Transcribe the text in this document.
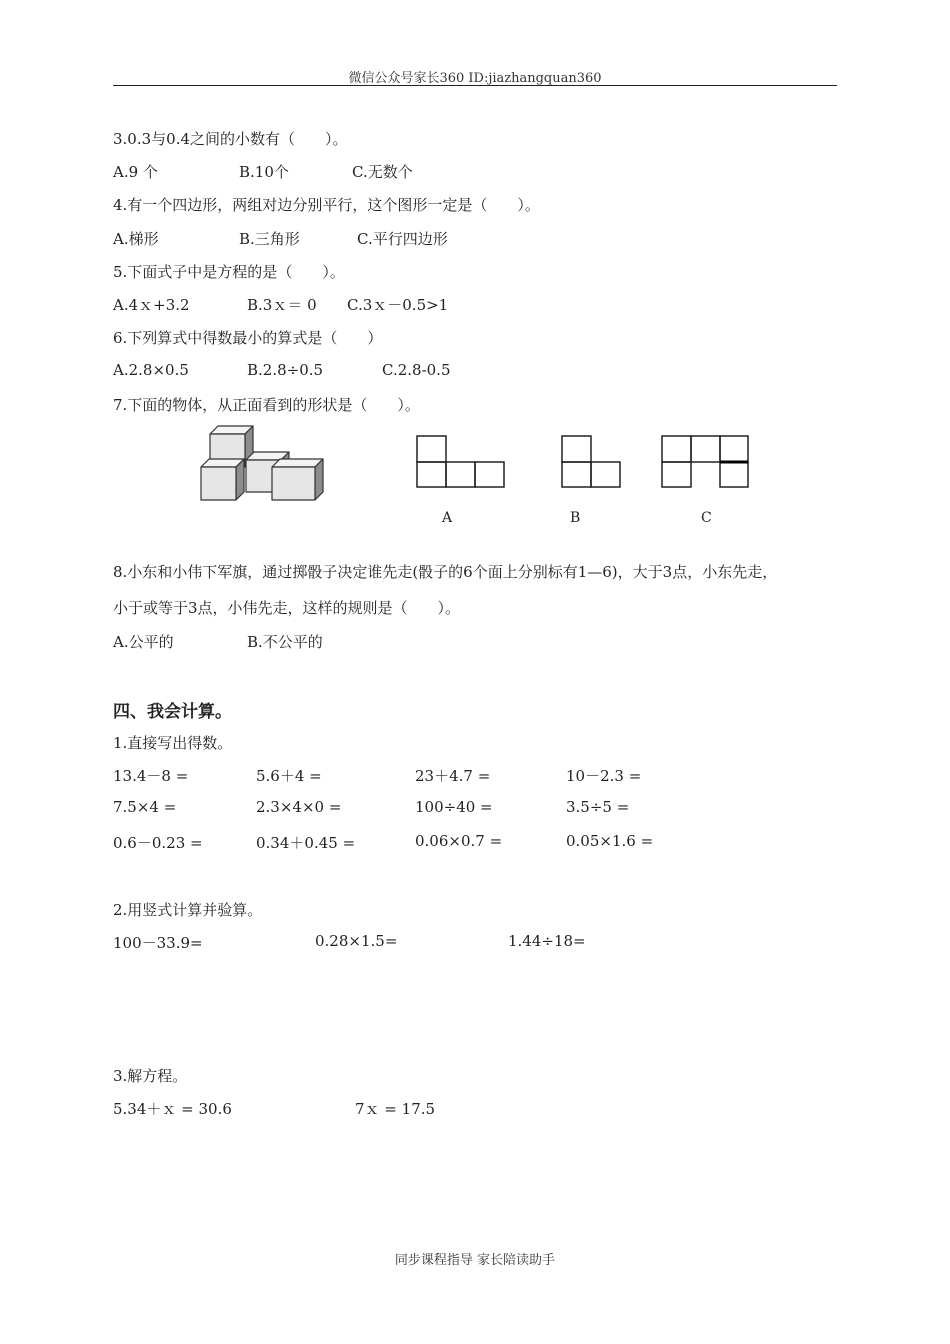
微信公众号家长360 ID:jiazhangquan360
3.0.3与0.4之间的小数有（　　）。
A.9 个	B.10个	C.无数个
4.有一个四边形，两组对边分别平行，这个图形一定是（　　）。
A.梯形	B.三角形	C.平行四边形
5.下面式子中是方程的是（　　）。
A.4ｘ+3.2	B.3ｘ＝ 0 C.3ｘ－0.5>1
6.下列算式中得数最小的算式是（　　）
A.2.8×0.5	B.2.8÷0.5	C.2.8-0.5
7.下面的物体，从正面看到的形状是（　　）。
A	B	C
8.小东和小伟下军旗，通过掷骰子决定谁先走(骰子的6个面上分别标有1—6)，大于3点，小东先走，
小于或等于3点，小伟先走，这样的规则是（　　）。
A.公平的	B.不公平的
四、我会计算。
1.直接写出得数。
13.4－8 =	5.6＋4 =	23＋4.7 =	10－2.3 =
7.5×4 =	2.3×4×0 =	100÷40 =	3.5÷5 =
0.6－0.23 =	0.34＋0.45 =	0.06×0.7 =	0.05×1.6 =
2.用竖式计算并验算。
100－33.9=	0.28×1.5=	1.44÷18=
3.解方程。
5.34＋ｘ = 30.6	7ｘ = 17.5
同步课程指导 家长陪读助手
